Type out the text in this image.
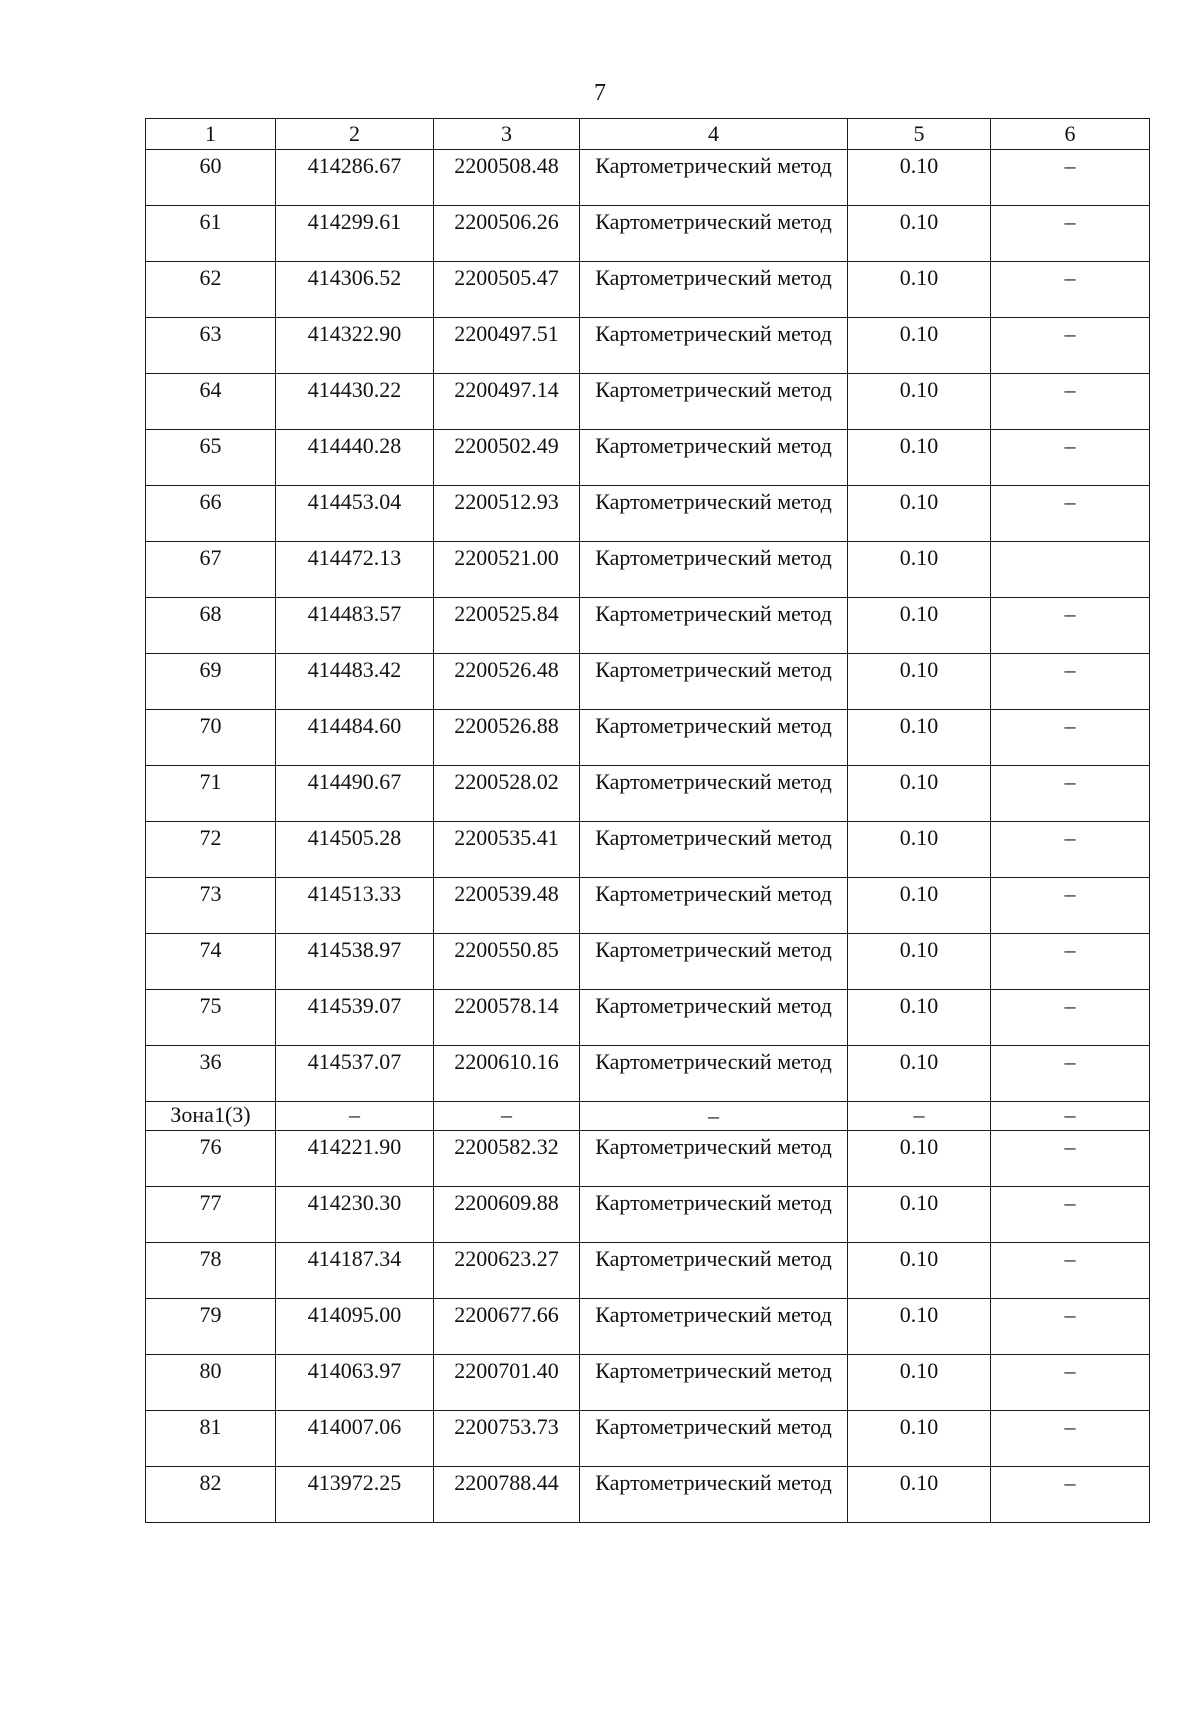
7
1	2	3	4	5	6
60	414286.67	2200508.48	Картометрический метод	0.10	–
61	414299.61	2200506.26	Картометрический метод	0.10	–
62	414306.52	2200505.47	Картометрический метод	0.10	–
63	414322.90	2200497.51	Картометрический метод	0.10	–
64	414430.22	2200497.14	Картометрический метод	0.10	–
65	414440.28	2200502.49	Картометрический метод	0.10	–
66	414453.04	2200512.93	Картометрический метод	0.10	–
67	414472.13	2200521.00	Картометрический метод	0.10	
68	414483.57	2200525.84	Картометрический метод	0.10	–
69	414483.42	2200526.48	Картометрический метод	0.10	–
70	414484.60	2200526.88	Картометрический метод	0.10	–
71	414490.67	2200528.02	Картометрический метод	0.10	–
72	414505.28	2200535.41	Картометрический метод	0.10	–
73	414513.33	2200539.48	Картометрический метод	0.10	–
74	414538.97	2200550.85	Картометрический метод	0.10	–
75	414539.07	2200578.14	Картометрический метод	0.10	–
36	414537.07	2200610.16	Картометрический метод	0.10	–
Зона1(3)	–	–	–	–	–
76	414221.90	2200582.32	Картометрический метод	0.10	–
77	414230.30	2200609.88	Картометрический метод	0.10	–
78	414187.34	2200623.27	Картометрический метод	0.10	–
79	414095.00	2200677.66	Картометрический метод	0.10	–
80	414063.97	2200701.40	Картометрический метод	0.10	–
81	414007.06	2200753.73	Картометрический метод	0.10	–
82	413972.25	2200788.44	Картометрический метод	0.10	–
